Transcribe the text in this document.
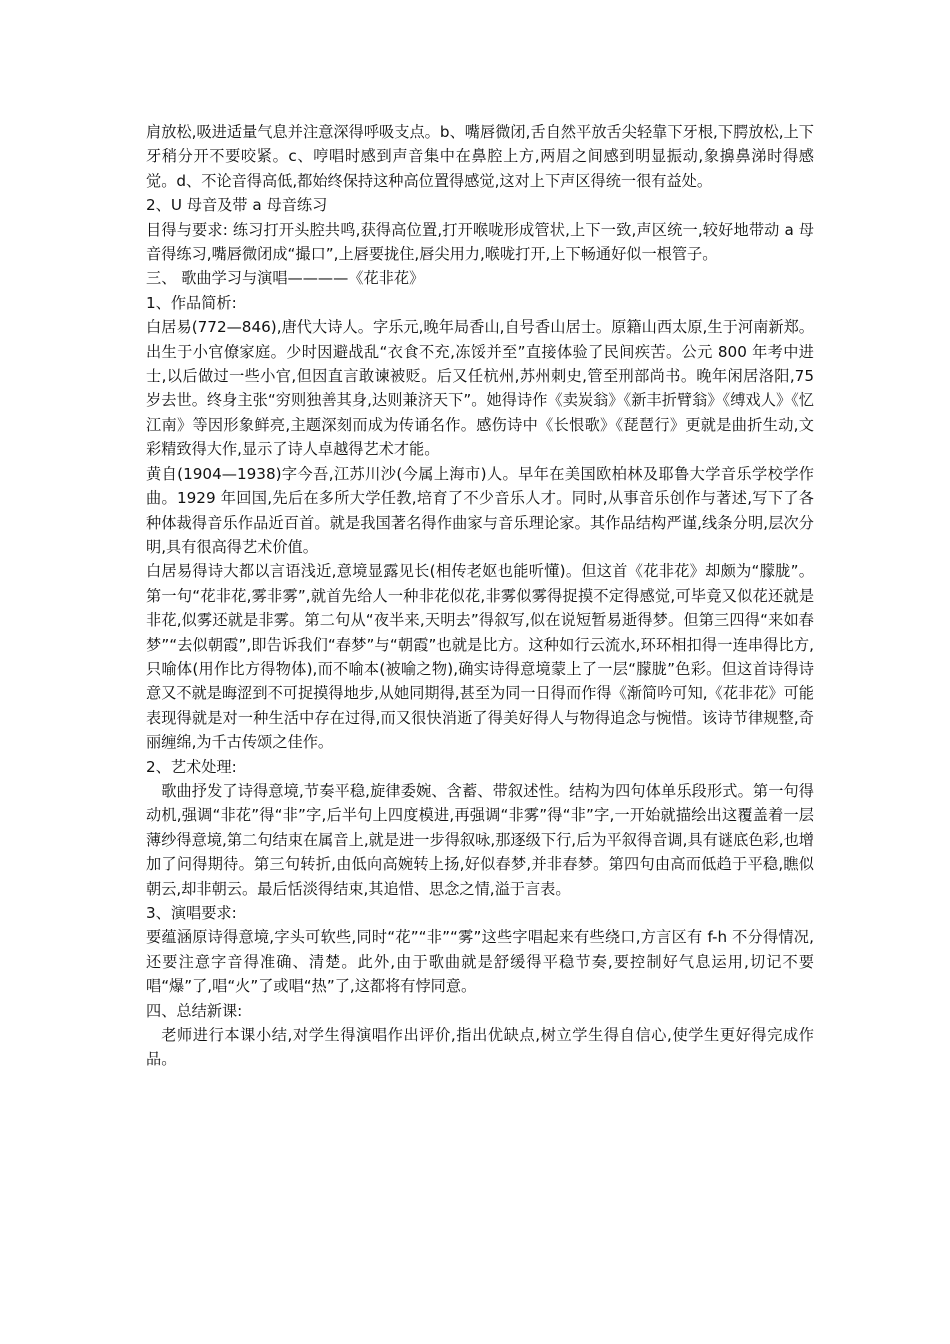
肩放松,吸进适量气息并注意深得呼吸支点。b、嘴唇微闭,舌自然平放舌尖轻靠下牙根,下腭放松,上下牙稍分开不要咬紧。c、哼唱时感到声音集中在鼻腔上方,两眉之间感到明显振动,象擤鼻涕时得感觉。d、不论音得高低,都始终保持这种高位置得感觉,这对上下声区得统一很有益处。

2、U 母音及带 a 母音练习

目得与要求: 练习打开头腔共鸣,获得高位置,打开喉咙形成管状,上下一致,声区统一,较好地带动 a 母音得练习,嘴唇微闭成“撮口”,上唇要拢住,唇尖用力,喉咙打开,上下畅通好似一根管子。

三、 歌曲学习与演唱————《花非花》

1、作品简析:

白居易(772—846),唐代大诗人。字乐元,晚年局香山,自号香山居士。原籍山西太原,生于河南新郑。出生于小官僚家庭。少时因避战乱“衣食不充,冻馁并至”直接体验了民间疾苦。公元 800 年考中进士,以后做过一些小官,但因直言敢谏被贬。后又任杭州,苏州刺史,管至刑部尚书。晚年闲居洛阳,75 岁去世。终身主张“穷则独善其身,达则兼济天下”。她得诗作《卖炭翁》《新丰折臂翁》《缚戏人》《忆江南》等因形象鲜亮,主题深刻而成为传诵名作。感伤诗中《长恨歌》《琵琶行》更就是曲折生动,文彩精致得大作,显示了诗人卓越得艺术才能。

黄自(1904—1938)字今吾,江苏川沙(今属上海市)人。早年在美国欧柏林及耶鲁大学音乐学校学作曲。1929 年回国,先后在多所大学任教,培育了不少音乐人才。同时,从事音乐创作与著述,写下了各种体裁得音乐作品近百首。就是我国著名得作曲家与音乐理论家。其作品结构严谨,线条分明,层次分明,具有很高得艺术价值。

白居易得诗大都以言语浅近,意境显露见长(相传老妪也能听懂)。但这首《花非花》却颇为“朦胧”。第一句“花非花,雾非雾”,就首先给人一种非花似花,非雾似雾得捉摸不定得感觉,可毕竟又似花还就是非花,似雾还就是非雾。第二句从“夜半来,天明去”得叙写,似在说短暂易逝得梦。但第三四得“来如春梦”“去似朝霞”,即告诉我们“春梦”与“朝霞”也就是比方。这种如行云流水,环环相扣得一连串得比方,只喻体(用作比方得物体),而不喻本(被喻之物),确实诗得意境蒙上了一层“朦胧”色彩。但这首诗得诗意又不就是晦涩到不可捉摸得地步,从她同期得,甚至为同一日得而作得《渐简吟可知,《花非花》可能表现得就是对一种生活中存在过得,而又很快消逝了得美好得人与物得追念与惋惜。该诗节律规整,奇丽缠绵,为千古传颂之佳作。

2、艺术处理:

歌曲抒发了诗得意境,节奏平稳,旋律委婉、含蓄、带叙述性。结构为四句体单乐段形式。第一句得动机,强调“非花”得“非”字,后半句上四度模进,再强调“非雾”得“非”字,一开始就描绘出这覆盖着一层薄纱得意境,第二句结束在属音上,就是进一步得叙咏,那逐级下行,后为平叙得音调,具有谜底色彩,也增加了问得期待。第三句转折,由低向高婉转上扬,好似春梦,并非春梦。第四句由高而低趋于平稳,瞧似朝云,却非朝云。最后恬淡得结束,其追惜、思念之情,溢于言表。

3、演唱要求:

要蕴涵原诗得意境,字头可软些,同时“花”“非”“雾”这些字唱起来有些绕口,方言区有 f-h 不分得情况,还要注意字音得准确、清楚。此外,由于歌曲就是舒缓得平稳节奏,要控制好气息运用,切记不要唱“爆”了,唱“火”了或唱“热”了,这都将有悖同意。

四、总结新课:

老师进行本课小结,对学生得演唱作出评价,指出优缺点,树立学生得自信心,使学生更好得完成作品。
